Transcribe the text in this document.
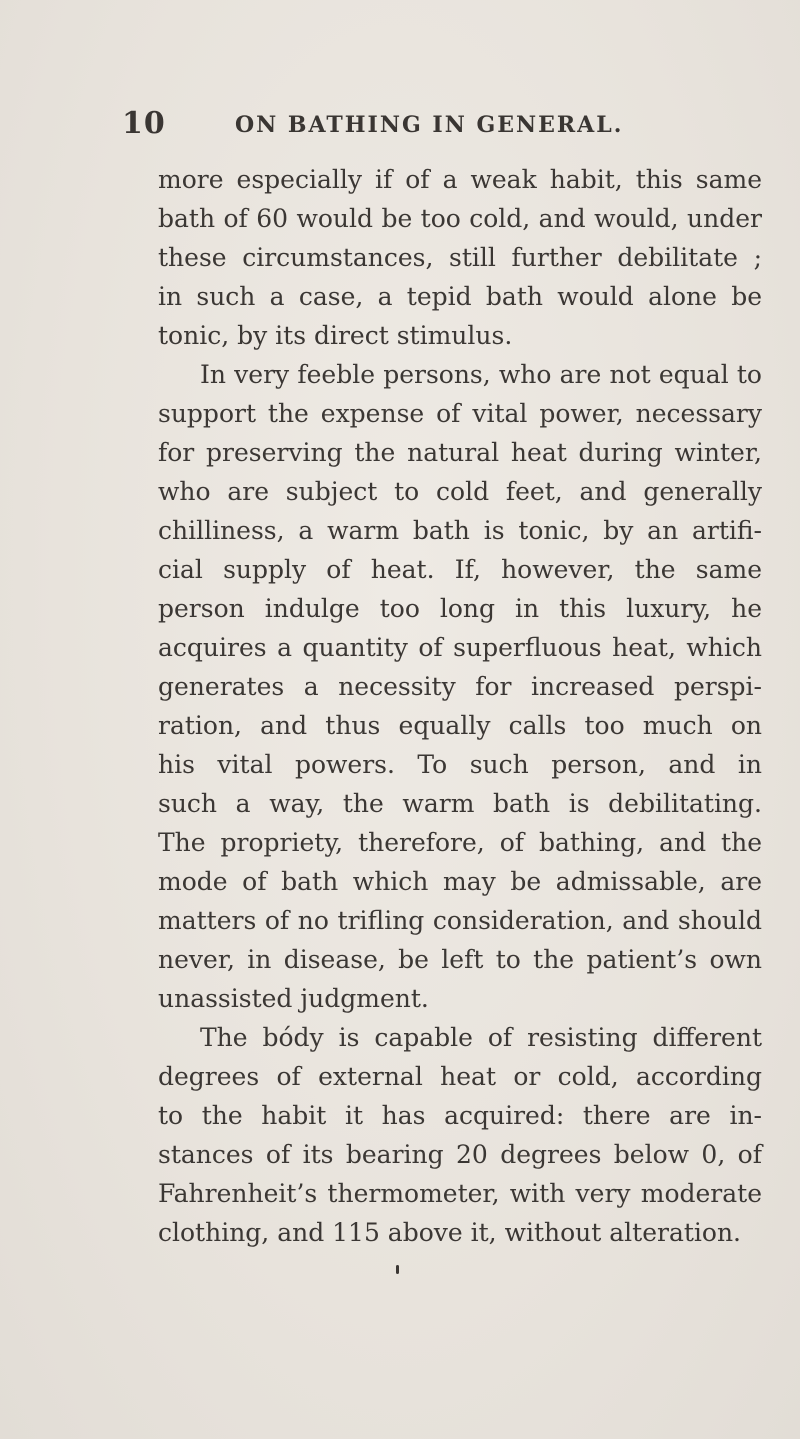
10	ON BATHING IN GENERAL.
more especially if of a weak habit, this same
bath of 60 would be too cold, and would, under
these circumstances, still further debilitate ;
in such a case, a tepid bath would alone be
tonic, by its direct stimulus.
In very feeble persons, who are not equal to
support the expense of vital power, necessary
for preserving the natural heat during winter,
who are subject to cold feet, and generally
chilliness, a warm bath is tonic, by an artifi-
cial supply of heat. If, however, the same
person indulge too long in this luxury, he
acquires a quantity of superfluous heat, which
generates a necessity for increased perspi-
ration, and thus equally calls too much on
his vital powers. To such person, and in
such a way, the warm bath is debilitating.
The propriety, therefore, of bathing, and the
mode of bath which may be admissable, are
matters of no trifling consideration, and should
never, in disease, be left to the patient’s own
unassisted judgment.
The bódy is capable of resisting different
degrees of external heat or cold, according
to the habit it has acquired: there are in-
stances of its bearing 20 degrees below 0, of
Fahrenheit’s thermometer, with very moderate
clothing, and 115 above it, without alteration.
